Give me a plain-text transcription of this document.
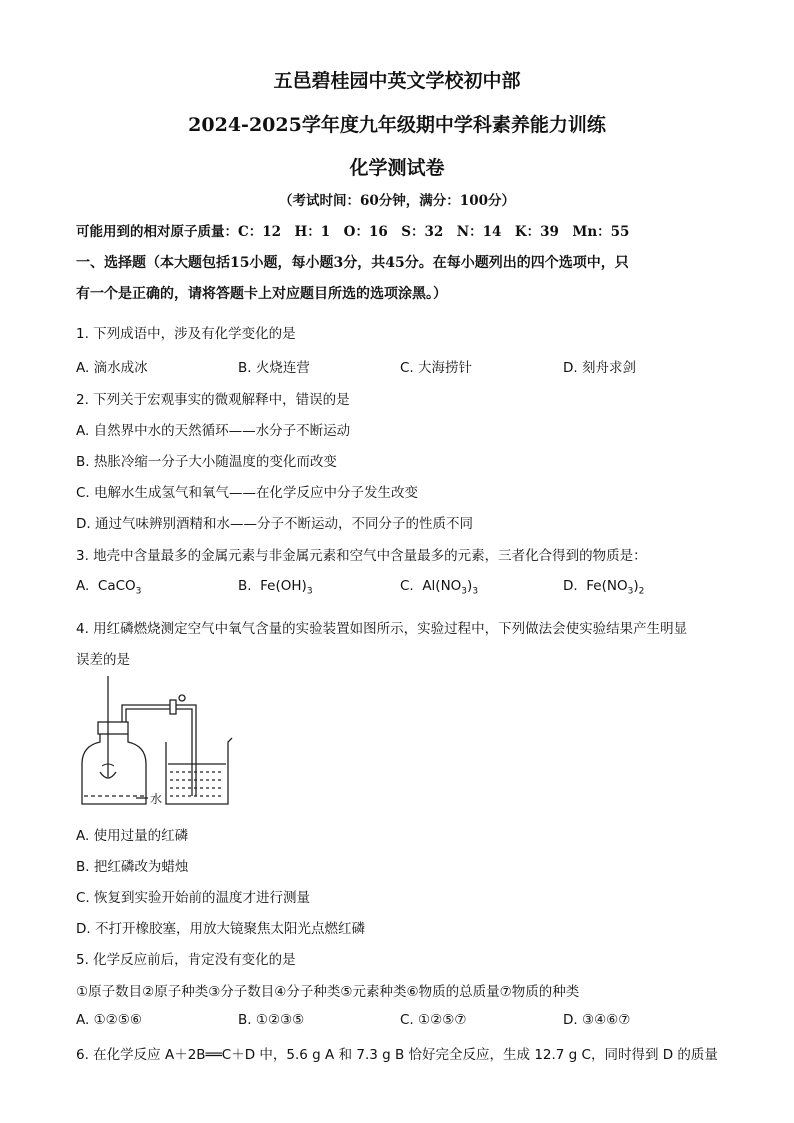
五邑碧桂园中英文学校初中部
2024-2025学年度九年级期中学科素养能力训练
化学测试卷
（考试时间：60分钟，满分：100分）
可能用到的相对原子质量：C：12　H：1　O：16　S：32　N：14　K：39　Mn：55
一、选择题（本大题包括15小题，每小题3分，共45分。在每小题列出的四个选项中，只
有一个是正确的，请将答题卡上对应题目所选的选项涂黑。）
1. 下列成语中，涉及有化学变化的是
A. 滴水成冰	B. 火烧连营	C. 大海捞针	D. 刻舟求剑
2. 下列关于宏观事实的微观解释中，错误的是
A. 自然界中水的天然循环——水分子不断运动
B. 热胀冷缩一分子大小随温度的变化而改变
C. 电解水生成氢气和氧气——在化学反应中分子发生改变
D. 通过气味辨别酒精和水——分子不断运动，不同分子的性质不同
3. 地壳中含量最多的金属元素与非金属元素和空气中含量最多的元素，三者化合得到的物质是：
A. CaCO$_3$	B. $Fe(OH)_3$	C. $Al(NO_3)_3$	D. $Fe(NO_3)_2$
4. 用红磷燃烧测定空气中氧气含量的实验装置如图所示，实验过程中，下列做法会使实验结果产生明显
误差的是
水
A. 使用过量的红磷
B. 把红磷改为蜡烛
C. 恢复到实验开始前的温度才进行测量
D. 不打开橡胶塞，用放大镜聚焦太阳光点燃红磷
5. 化学反应前后，肯定没有变化的是
①原子数目②原子种类③分子数目④分子种类⑤元素种类⑥物质的总质量⑦物质的种类
A. ①②⑤⑥	B. ①②③⑤	C. ①②⑤⑦	D. ③④⑥⑦
6. 在化学反应 A＋2B══C＋D 中，5.6 g A 和 7.3 g B 恰好完全反应，生成 12.7 g C，同时得到 D 的质量
